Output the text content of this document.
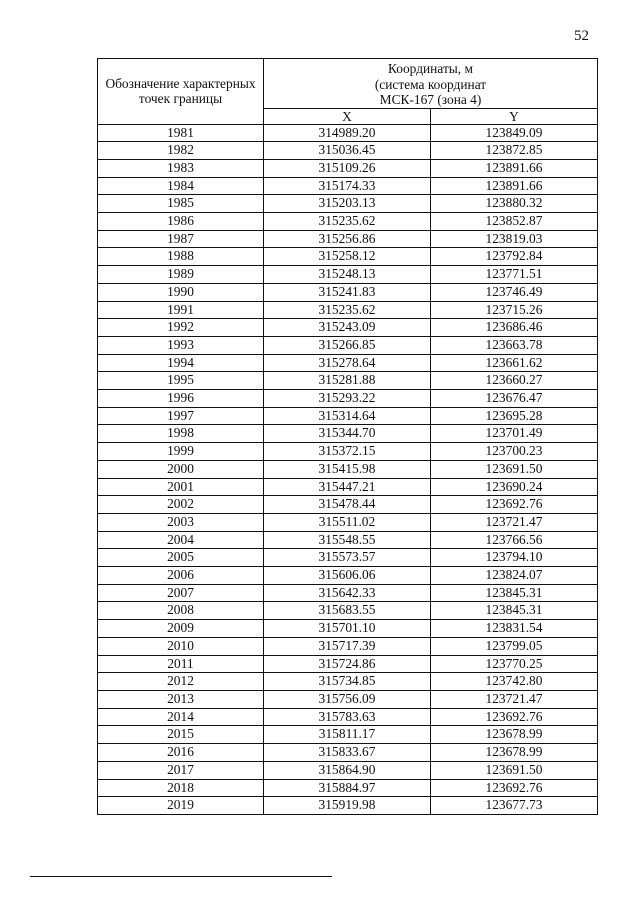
52
Обозначение характерных точек границы	Координаты, м
(система координат
МСК-167 (зона 4)	

	X	Y
1981	314989.20	123849.09
1982	315036.45	123872.85
1983	315109.26	123891.66
1984	315174.33	123891.66
1985	315203.13	123880.32
1986	315235.62	123852.87
1987	315256.86	123819.03
1988	315258.12	123792.84
1989	315248.13	123771.51
1990	315241.83	123746.49
1991	315235.62	123715.26
1992	315243.09	123686.46
1993	315266.85	123663.78
1994	315278.64	123661.62
1995	315281.88	123660.27
1996	315293.22	123676.47
1997	315314.64	123695.28
1998	315344.70	123701.49
1999	315372.15	123700.23
2000	315415.98	123691.50
2001	315447.21	123690.24
2002	315478.44	123692.76
2003	315511.02	123721.47
2004	315548.55	123766.56
2005	315573.57	123794.10
2006	315606.06	123824.07
2007	315642.33	123845.31
2008	315683.55	123845.31
2009	315701.10	123831.54
2010	315717.39	123799.05
2011	315724.86	123770.25
2012	315734.85	123742.80
2013	315756.09	123721.47
2014	315783.63	123692.76
2015	315811.17	123678.99
2016	315833.67	123678.99
2017	315864.90	123691.50
2018	315884.97	123692.76
2019	315919.98	123677.73
